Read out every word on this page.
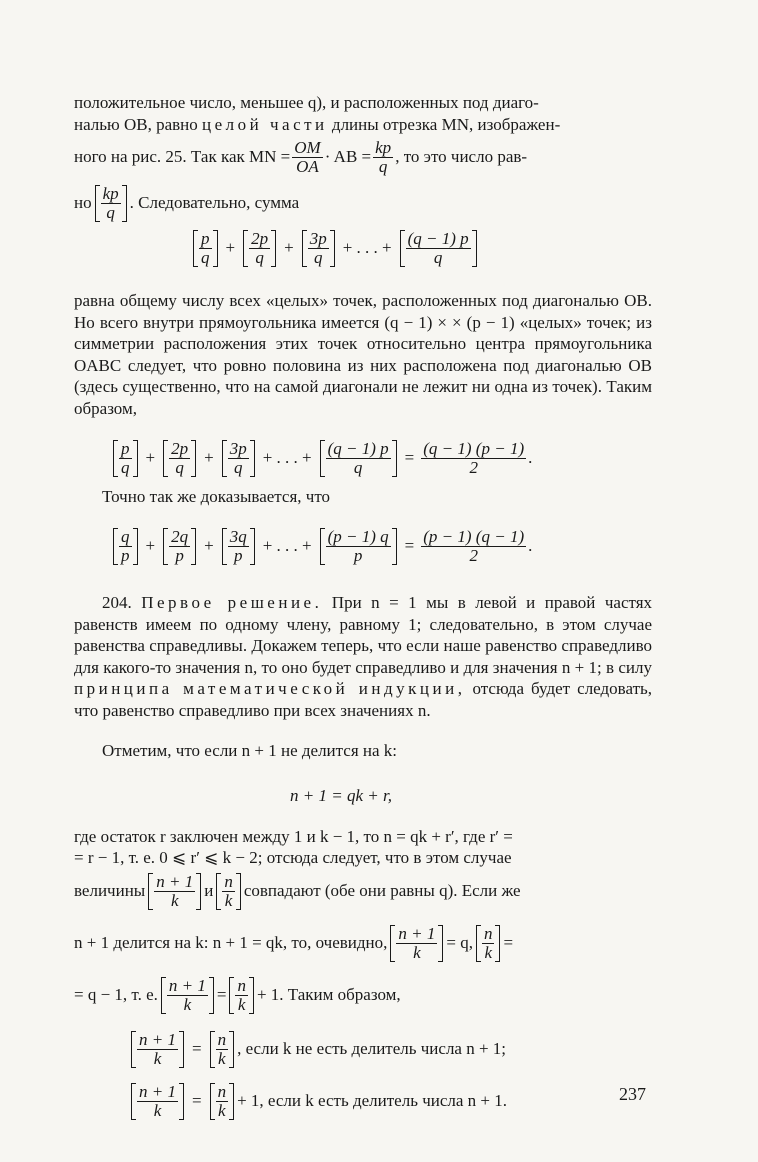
положительное число, меньшее q), и расположенных под диаго-
налью OB, равно целой части длины отрезка MN, изображен-
ного на рис. 25. Так как MN = $\frac{OM}{OA}$ · AB = $\frac{kp}{q}$ , то это число рав-
но $\frac{kp}{q}$ . Следовательно, сумма
$\frac{p}{q} + \frac{2p}{q} + \frac{3p}{q}$ + . . . + $\frac{(q - 1) p}{q}$
равна общему числу всех «целых» точек, расположенных под диагональю OB. Но всего внутри прямоугольника имеется (q − 1) × × (p − 1) «целых» точек; из симметрии расположения этих точек относительно центра прямоугольника OABC следует, что ровно половина из них расположена под диагональю OB (здесь существенно, что на самой диагонали не лежит ни одна из точек). Таким образом,
$\frac{p}{q} + \frac{2p}{q} + \frac{3p}{q}$ + . . . + $\frac{(q - 1) p}{q} = \frac{(q - 1) (p - 1)}{2}$ .
Точно так же доказывается, что
$\frac{q}{p} + \frac{2q}{p} + \frac{3q}{p}$ + . . . + $\frac{(p - 1) q}{p} = \frac{(p - 1) (q - 1)}{2}$ .
204. Первое решение. При n = 1 мы в левой и правой частях равенств имеем по одному члену, равному 1; следовательно, в этом случае равенства справедливы. Докажем теперь, что если наше равенство справедливо для какого-то значения n, то оно будет справедливо и для значения n + 1; в силу принципа математической индукции, отсюда будет следовать, что равенство справедливо при всех значениях n.
Отметим, что если n + 1 не делится на k:
n + 1 = qk + r,
где остаток r заключен между 1 и k − 1, то n = qk + r′, где r′ =
= r − 1, т. е. 0 ⩽ r′ ⩽ k − 2; отсюда следует, что в этом случае
величины $\frac{n + 1}{k}$ и $\frac{n}{k}$ совпадают (обе они равны q). Если же
n + 1 делится на k: n + 1 = qk, то, очевидно, $\frac{n + 1}{k} = q$, $\frac{n}{k}$ =
= q − 1, т. е. $\frac{n + 1}{k} = \frac{n}{k} + 1$. Таким образом,
$\frac{n + 1}{k} = \frac{n}{k}$ , если k не есть делитель числа n + 1;
$\frac{n + 1}{k} = \frac{n}{k} + 1$, если k есть делитель числа n + 1.	237
